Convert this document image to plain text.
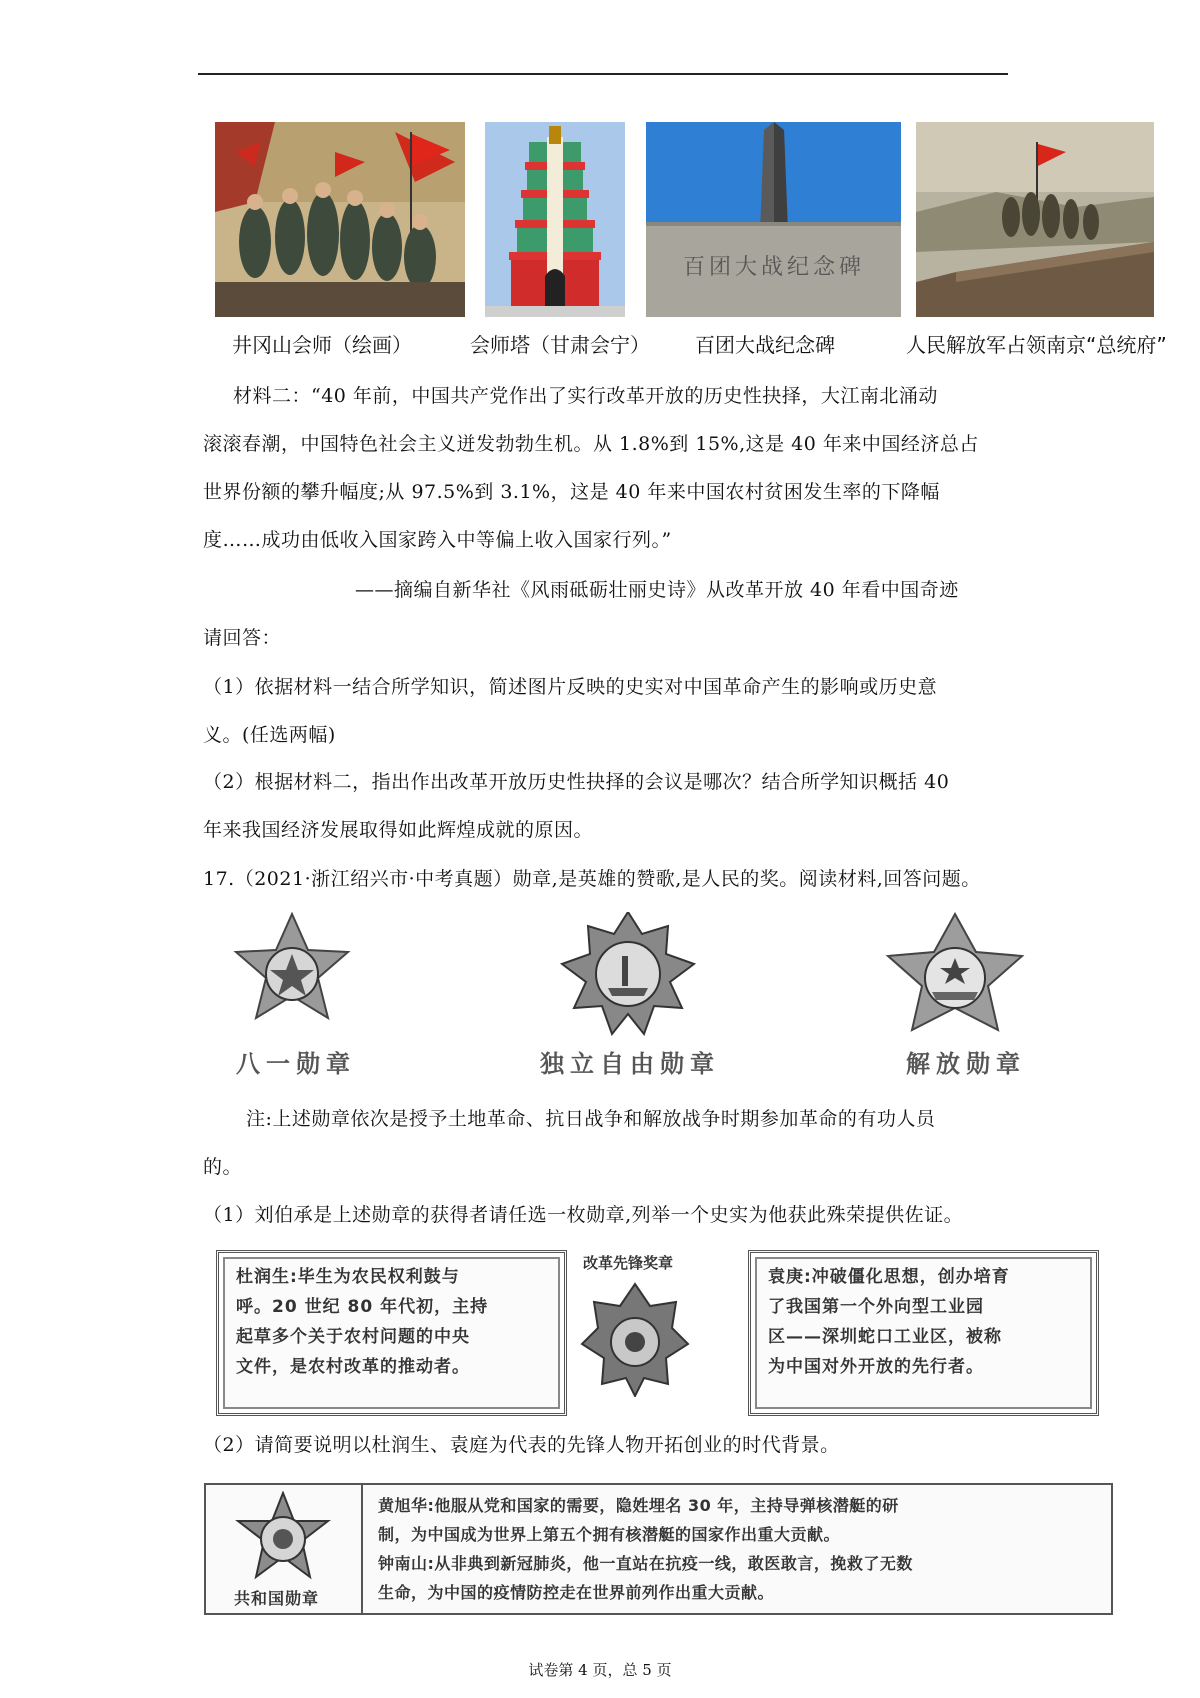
百团大战纪念碑
井冈山会师（绘画）	会师塔（甘肃会宁） 百团大战纪念碑	人民解放军占领南京“总统府”
材料二：“40 年前，中国共产党作出了实行改革开放的历史性抉择，大江南北涌动
滚滚春潮，中国特色社会主义迸发勃勃生机。从 1.8%到 15%,这是 40 年来中国经济总占
世界份额的攀升幅度;从 97.5%到 3.1%，这是 40 年来中国农村贫困发生率的下降幅
度……成功由低收入国家跨入中等偏上收入国家行列。”
——摘编自新华社《风雨砥砺壮丽史诗》从改革开放 40 年看中国奇迹
请回答：
（1）依据材料一结合所学知识，简述图片反映的史实对中国革命产生的影响或历史意
义。(任选两幅)
（2）根据材料二，指出作出改革开放历史性抉择的会议是哪次？结合所学知识概括 40
年来我国经济发展取得如此辉煌成就的原因。
17.（2021·浙江绍兴市·中考真题）勋章,是英雄的赞歌,是人民的奖。阅读材料,回答问题。
八一勋章	独立自由勋章	解放勋章
注:上述勋章依次是授予土地革命、抗日战争和解放战争时期参加革命的有功人员
的。
（1）刘伯承是上述勋章的获得者请任选一枚勋章,列举一个史实为他获此殊荣提供佐证。
杜润生:毕生为农民权利鼓与
呼。20 世纪 80 年代初，主持
起草多个关于农村问题的中央
文件，是农村改革的推动者。
改革先锋奖章
袁庚:冲破僵化思想，创办培育
了我国第一个外向型工业园
区——深圳蛇口工业区，被称
为中国对外开放的先行者。
（2）请简要说明以杜润生、袁庭为代表的先锋人物开拓创业的时代背景。
共和国勋章
黄旭华:他服从党和国家的需要，隐姓埋名 30 年，主持导弹核潜艇的研
制，为中国成为世界上第五个拥有核潜艇的国家作出重大贡献。
钟南山:从非典到新冠肺炎，他一直站在抗疫一线，敢医敢言，挽救了无数
生命，为中国的疫情防控走在世界前列作出重大贡献。
试卷第 4 页，总 5 页
